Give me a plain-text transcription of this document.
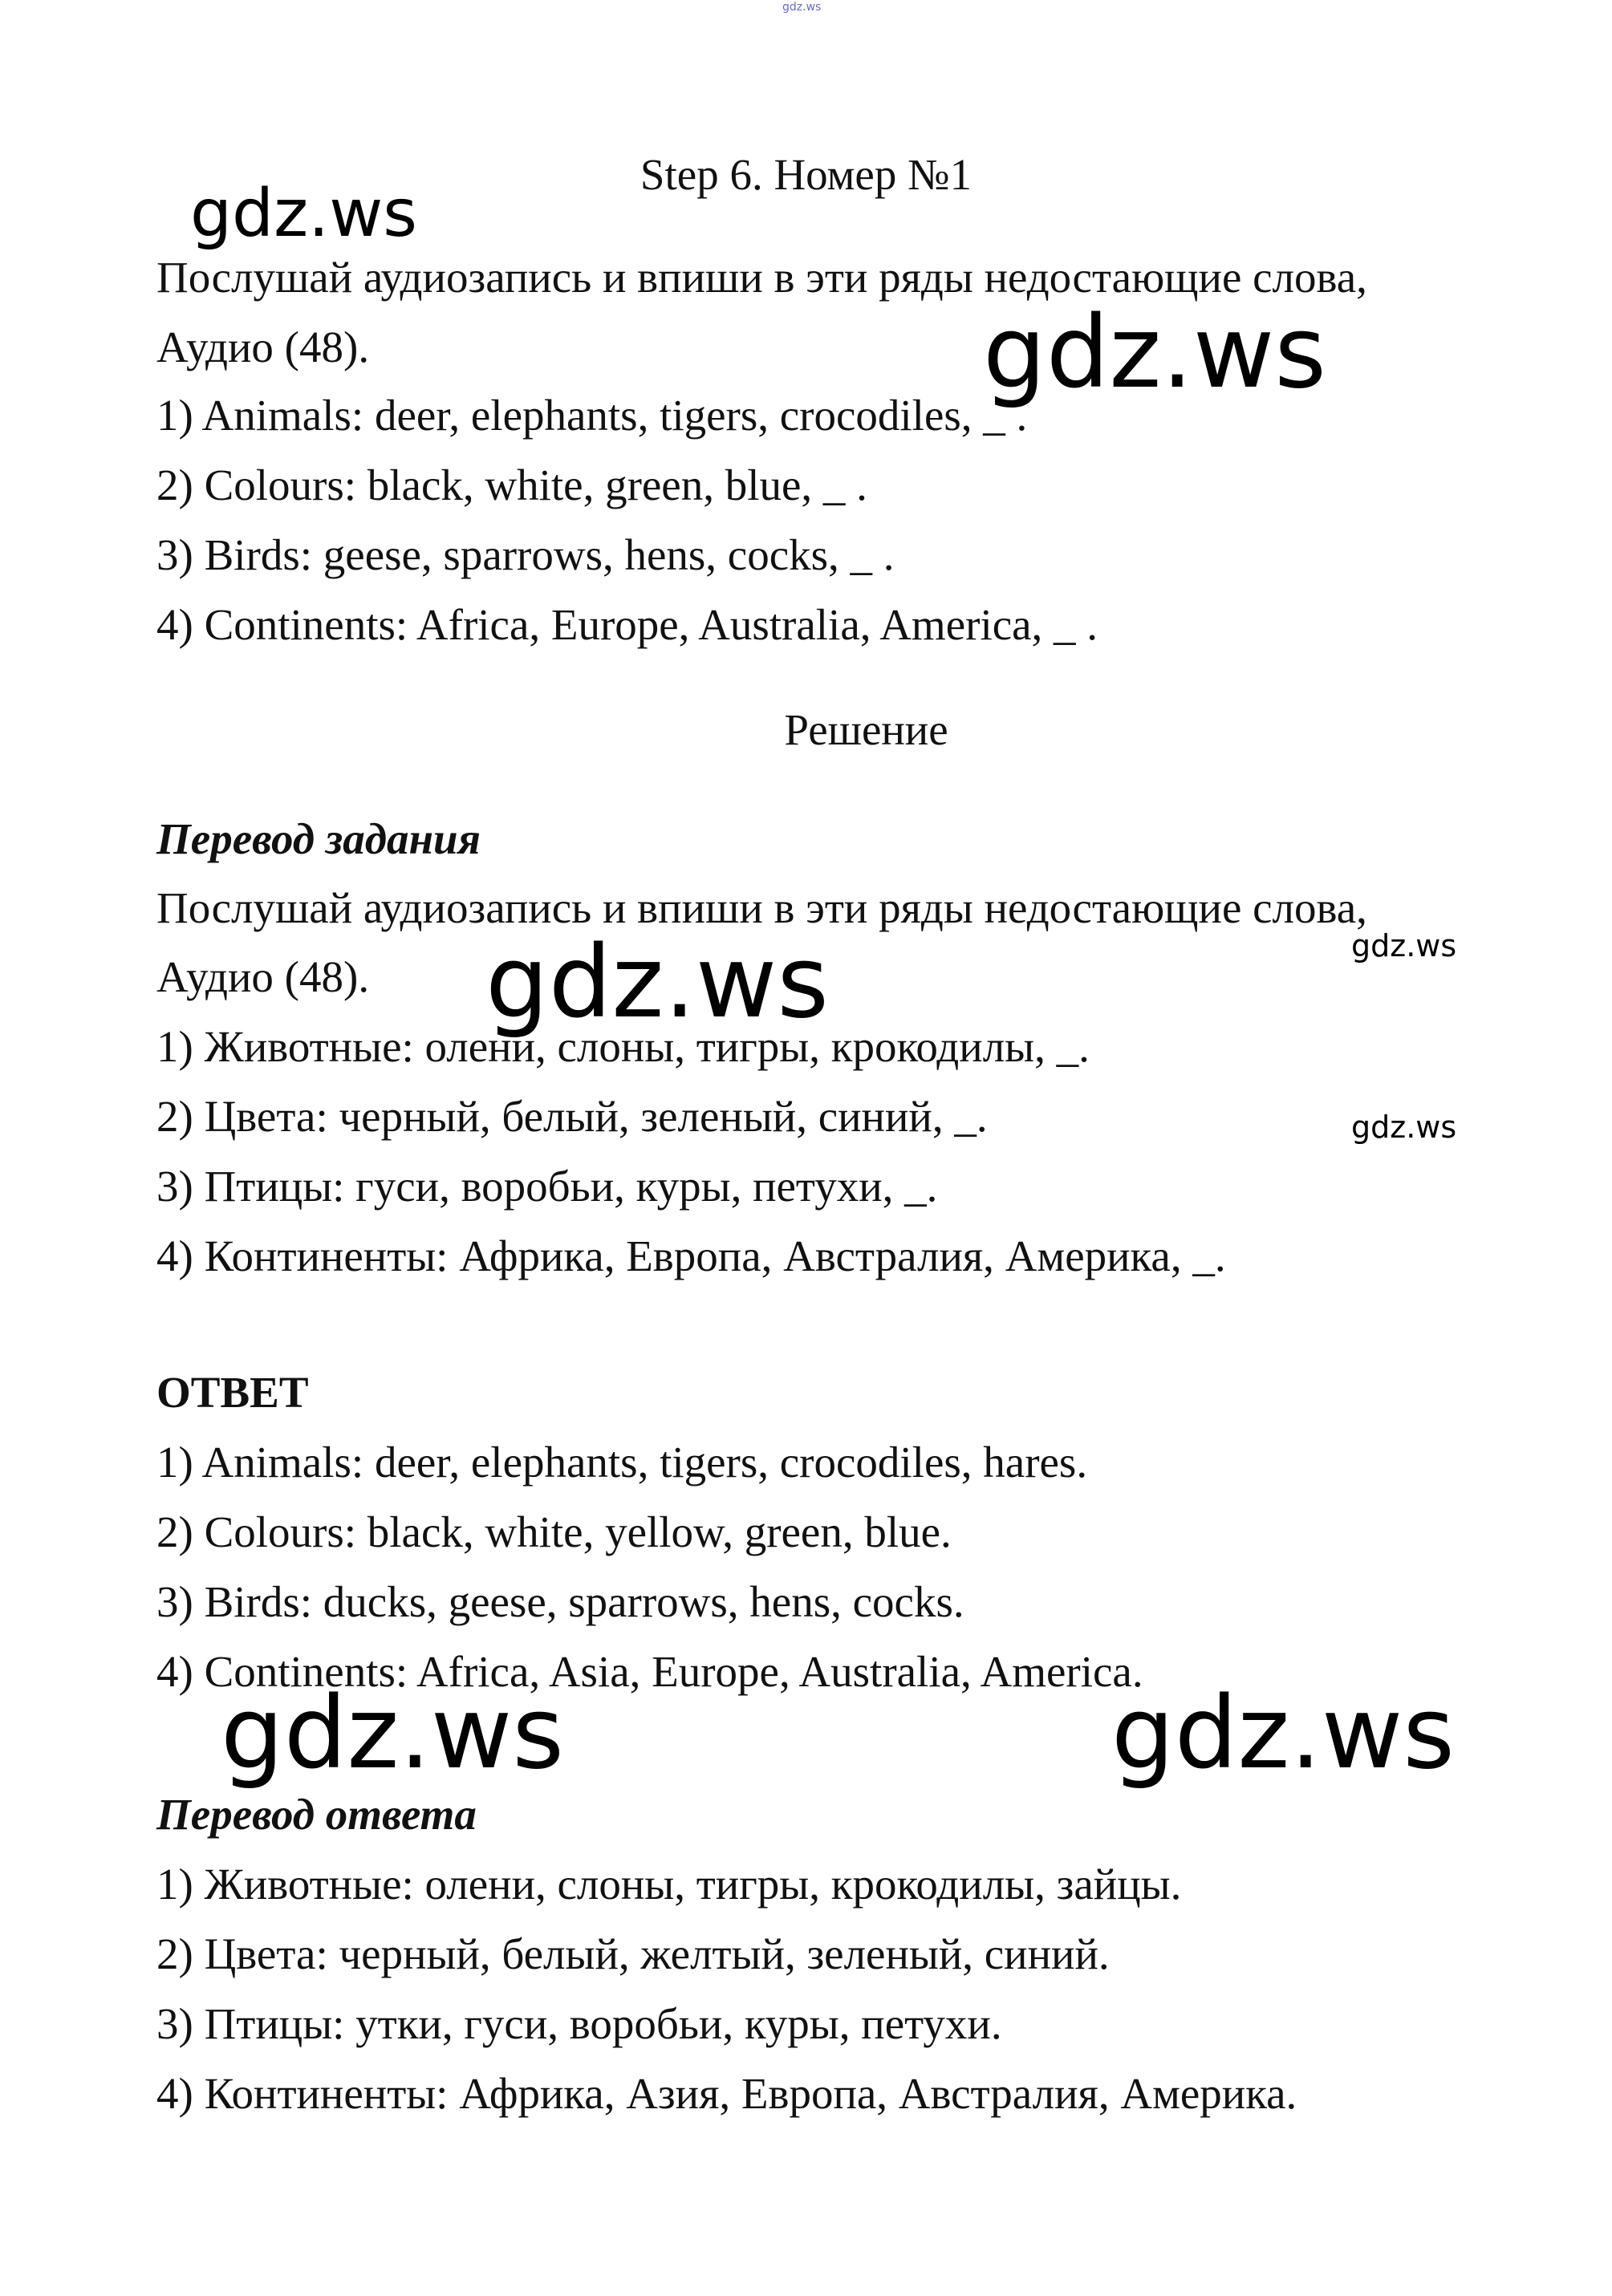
gdz.ws
Step 6. Номер №1
Послушай аудиозапись и впиши в эти ряды недостающие слова,
Аудио (48).
1) Animals: deer, elephants, tigers, crocodiles, _ .
2) Colours: black, white, green, blue, _ .
3) Birds: geese, sparrows, hens, cocks, _ .
4) Continents: Africa, Europe, Australia, America, _ .
Решение
Перевод задания
Послушай аудиозапись и впиши в эти ряды недостающие слова,
Аудио (48).
1) Животные: олени, слоны, тигры, крокодилы, _.
2) Цвета: черный, белый, зеленый, синий, _.
3) Птицы: гуси, воробьи, куры, петухи, _.
4) Континенты: Африка, Европа, Австралия, Америка, _.
ОТВЕТ
1) Animals: deer, elephants, tigers, crocodiles, hares.
2) Colours: black, white, yellow, green, blue.
3) Birds: ducks, geese, sparrows, hens, cocks.
4) Continents: Africa, Asia, Europe, Australia, America.
Перевод ответа
1) Животные: олени, слоны, тигры, крокодилы, зайцы.
2) Цвета: черный, белый, желтый, зеленый, синий.
3) Птицы: утки, гуси, воробьи, куры, петухи.
4) Континенты: Африка, Азия, Европа, Австралия, Америка.
gdz.ws
gdz.ws
gdz.ws	gdz.ws
gdz.ws
gdz.ws	gdz.ws
